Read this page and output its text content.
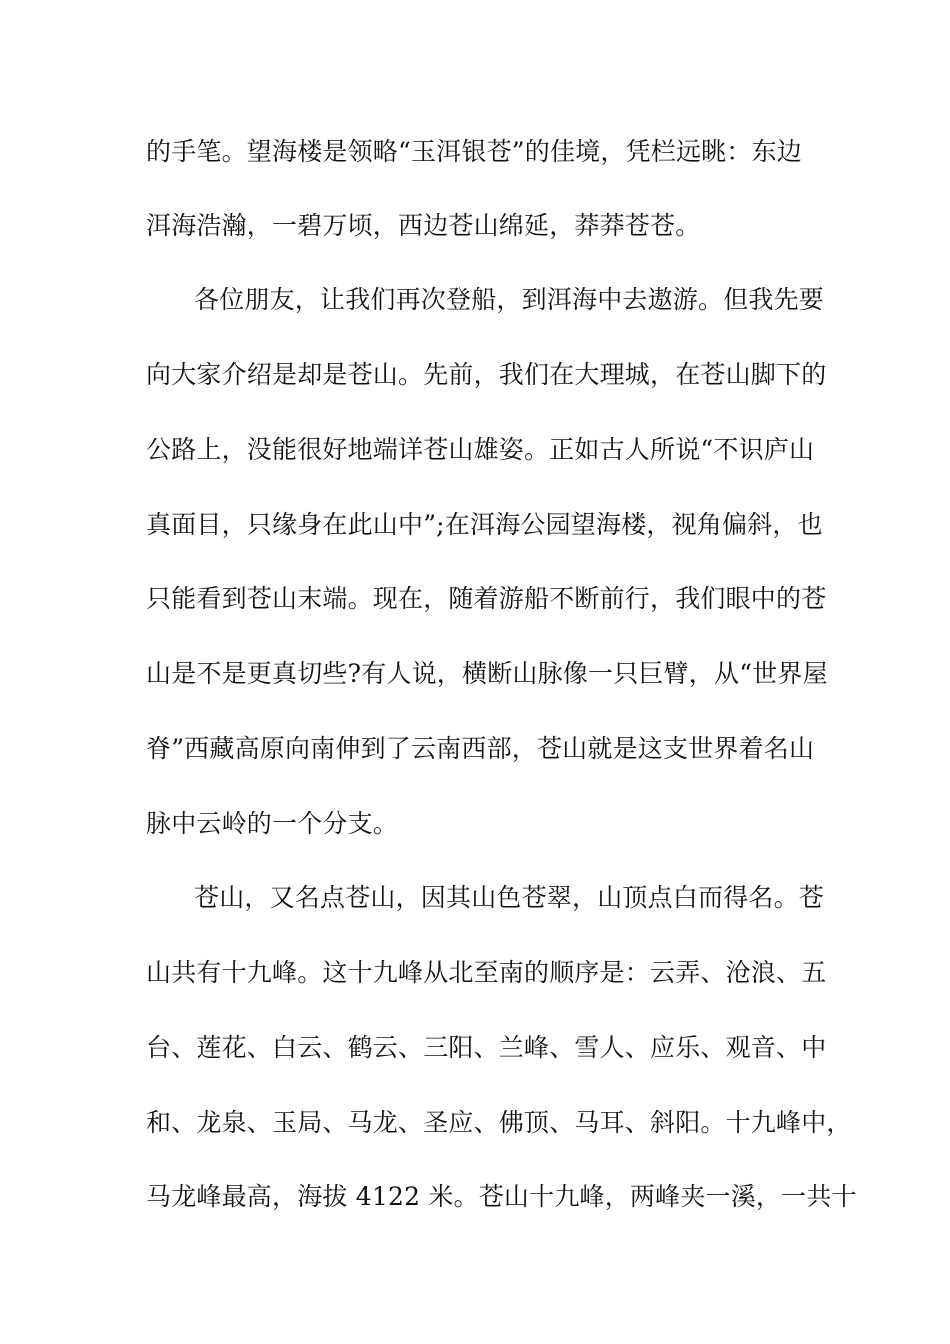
的手笔。望海楼是领略“玉洱银苍”的佳境，凭栏远眺：东边
洱海浩瀚，一碧万顷，西边苍山绵延，莽莽苍苍。
各位朋友，让我们再次登船，到洱海中去遨游。但我先要
向大家介绍是却是苍山。先前，我们在大理城，在苍山脚下的
公路上，没能很好地端详苍山雄姿。正如古人所说“不识庐山
真面目，只缘身在此山中”;在洱海公园望海楼，视角偏斜，也
只能看到苍山末端。现在，随着游船不断前行，我们眼中的苍
山是不是更真切些?有人说，横断山脉像一只巨臂，从“世界屋
脊”西藏高原向南伸到了云南西部，苍山就是这支世界着名山
脉中云岭的一个分支。
苍山，又名点苍山，因其山色苍翠，山顶点白而得名。苍
山共有十九峰。这十九峰从北至南的顺序是：云弄、沧浪、五
台、莲花、白云、鹤云、三阳、兰峰、雪人、应乐、观音、中
和、龙泉、玉局、马龙、圣应、佛顶、马耳、斜阳。十九峰中，
马龙峰最高，海拔 4122 米。苍山十九峰，两峰夹一溪，一共十
